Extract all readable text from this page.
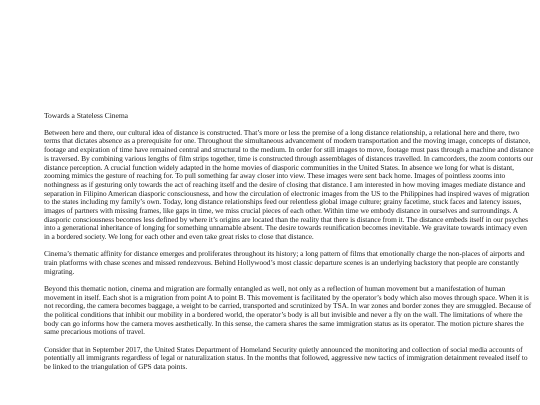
Towards a Stateless Cinema

Between here and there, our cultural idea of distance is constructed. That’s more or less the premise of a long distance relationship, a relational here and there, two terms that dictates absence as a prerequisite for one. Throughout the simultaneous advancement of modern transportation and the moving image, concepts of distance, footage and expiration of time have remained central and structural to the medium. In order for still images to move, footage must pass through a machine and distance is traversed. By combining various lengths of film strips together, time is constructed through assemblages of distances travelled. In camcorders, the zoom contorts our distance perception. A crucial function widely adapted in the home movies of diasporic communities in the United States. In absence we long for what is distant, zooming mimics the gesture of reaching for. To pull something far away closer into view. These images were sent back home. Images of pointless zooms into nothingness as if gesturing only towards the act of reaching itself and the desire of closing that distance. I am interested in how moving images mediate distance and separation in Filipino American diasporic consciousness, and how the circulation of electronic images from the US to the Philippines had inspired waves of migration to the states including my family’s own. Today, long distance relationships feed our relentless global image culture; grainy facetime, stuck faces and latency issues, images of partners with missing frames, like gaps in time, we miss crucial pieces of each other. Within time we embody distance in ourselves and surroundings. A diasporic consciousness becomes less defined by where it’s origins are located than the reality that there is distance from it. The distance embeds itself in our psyches into a generational inheritance of longing for something unnamable absent. The desire towards reunification becomes inevitable. We gravitate towards intimacy even in a bordered society. We long for each other and even take great risks to close that distance.

Cinema’s thematic affinity for distance emerges and proliferates throughout its history; a long pattern of films that emotionally charge the non-places of airports and train platforms with chase scenes and missed rendezvous. Behind Hollywood’s most classic departure scenes is an underlying backstory that people are constantly migrating.

Beyond this thematic notion, cinema and migration are formally entangled as well, not only as a reflection of human movement but a manifestation of human movement in itself. Each shot is a migration from point A to point B. This movement is facilitated by the operator’s body which also moves through space. When it is not recording, the camera becomes baggage, a weight to be carried, transported and scrutinized by TSA. In war zones and border zones they are smuggled. Because of the political conditions that inhibit our mobility in a bordered world, the operator’s body is all but invisible and never a fly on the wall. The limitations of where the body can go informs how the camera moves aesthetically. In this sense, the camera shares the same immigration status as its operator. The motion picture shares the same precarious motions of travel.

Consider that in September 2017, the United States Department of Homeland Security quietly announced the monitoring and collection of social media accounts of potentially all immigrants regardless of legal or naturalization status. In the months that followed, aggressive new tactics of immigration detainment revealed itself to be linked to the triangulation of GPS data points.
